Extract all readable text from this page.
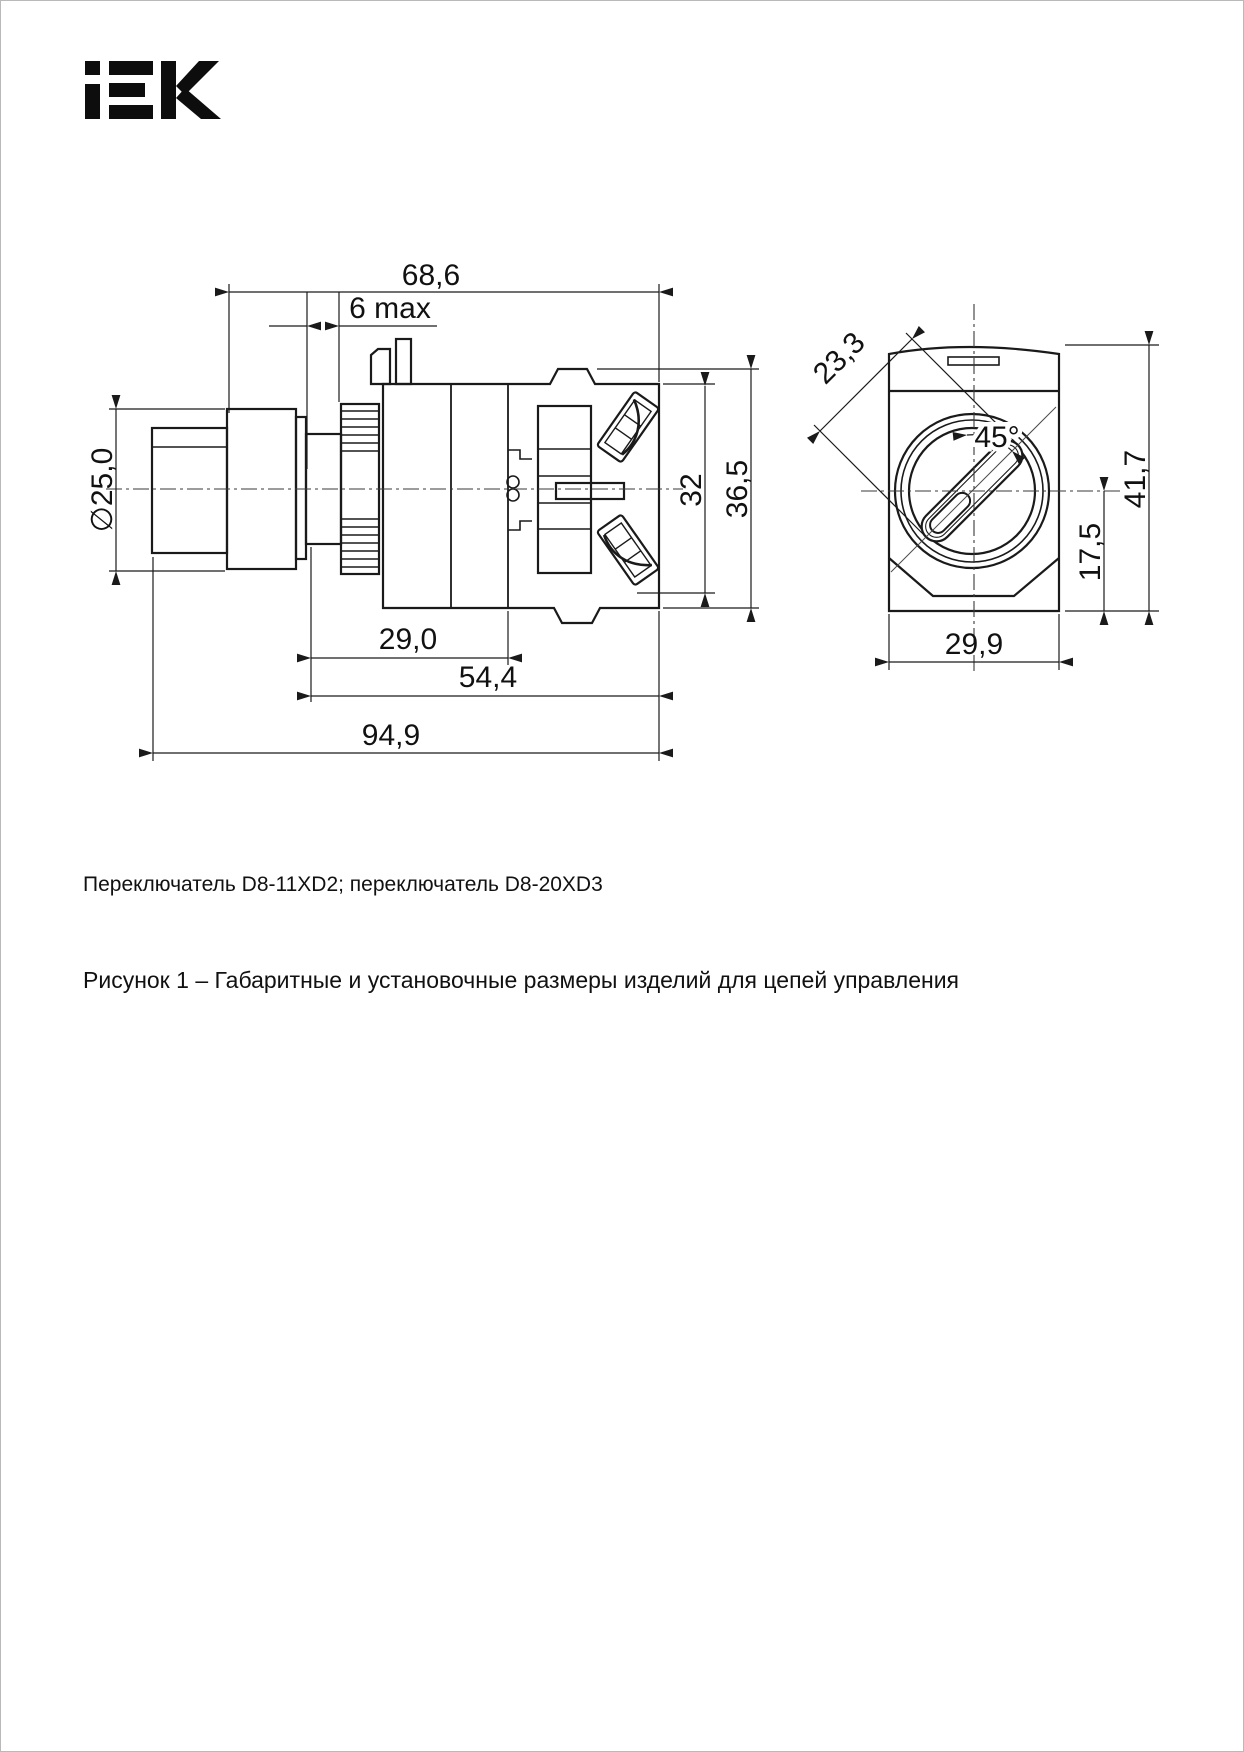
68,6
6 max
∅25,0
29,0
54,4
94,9
32 36,5
23,3
45°
41,7
17,5
29,9
Переключатель D8-11XD2; переключатель D8-20XD3
Рисунок 1 – Габаритные и установочные размеры изделий для цепей управления
